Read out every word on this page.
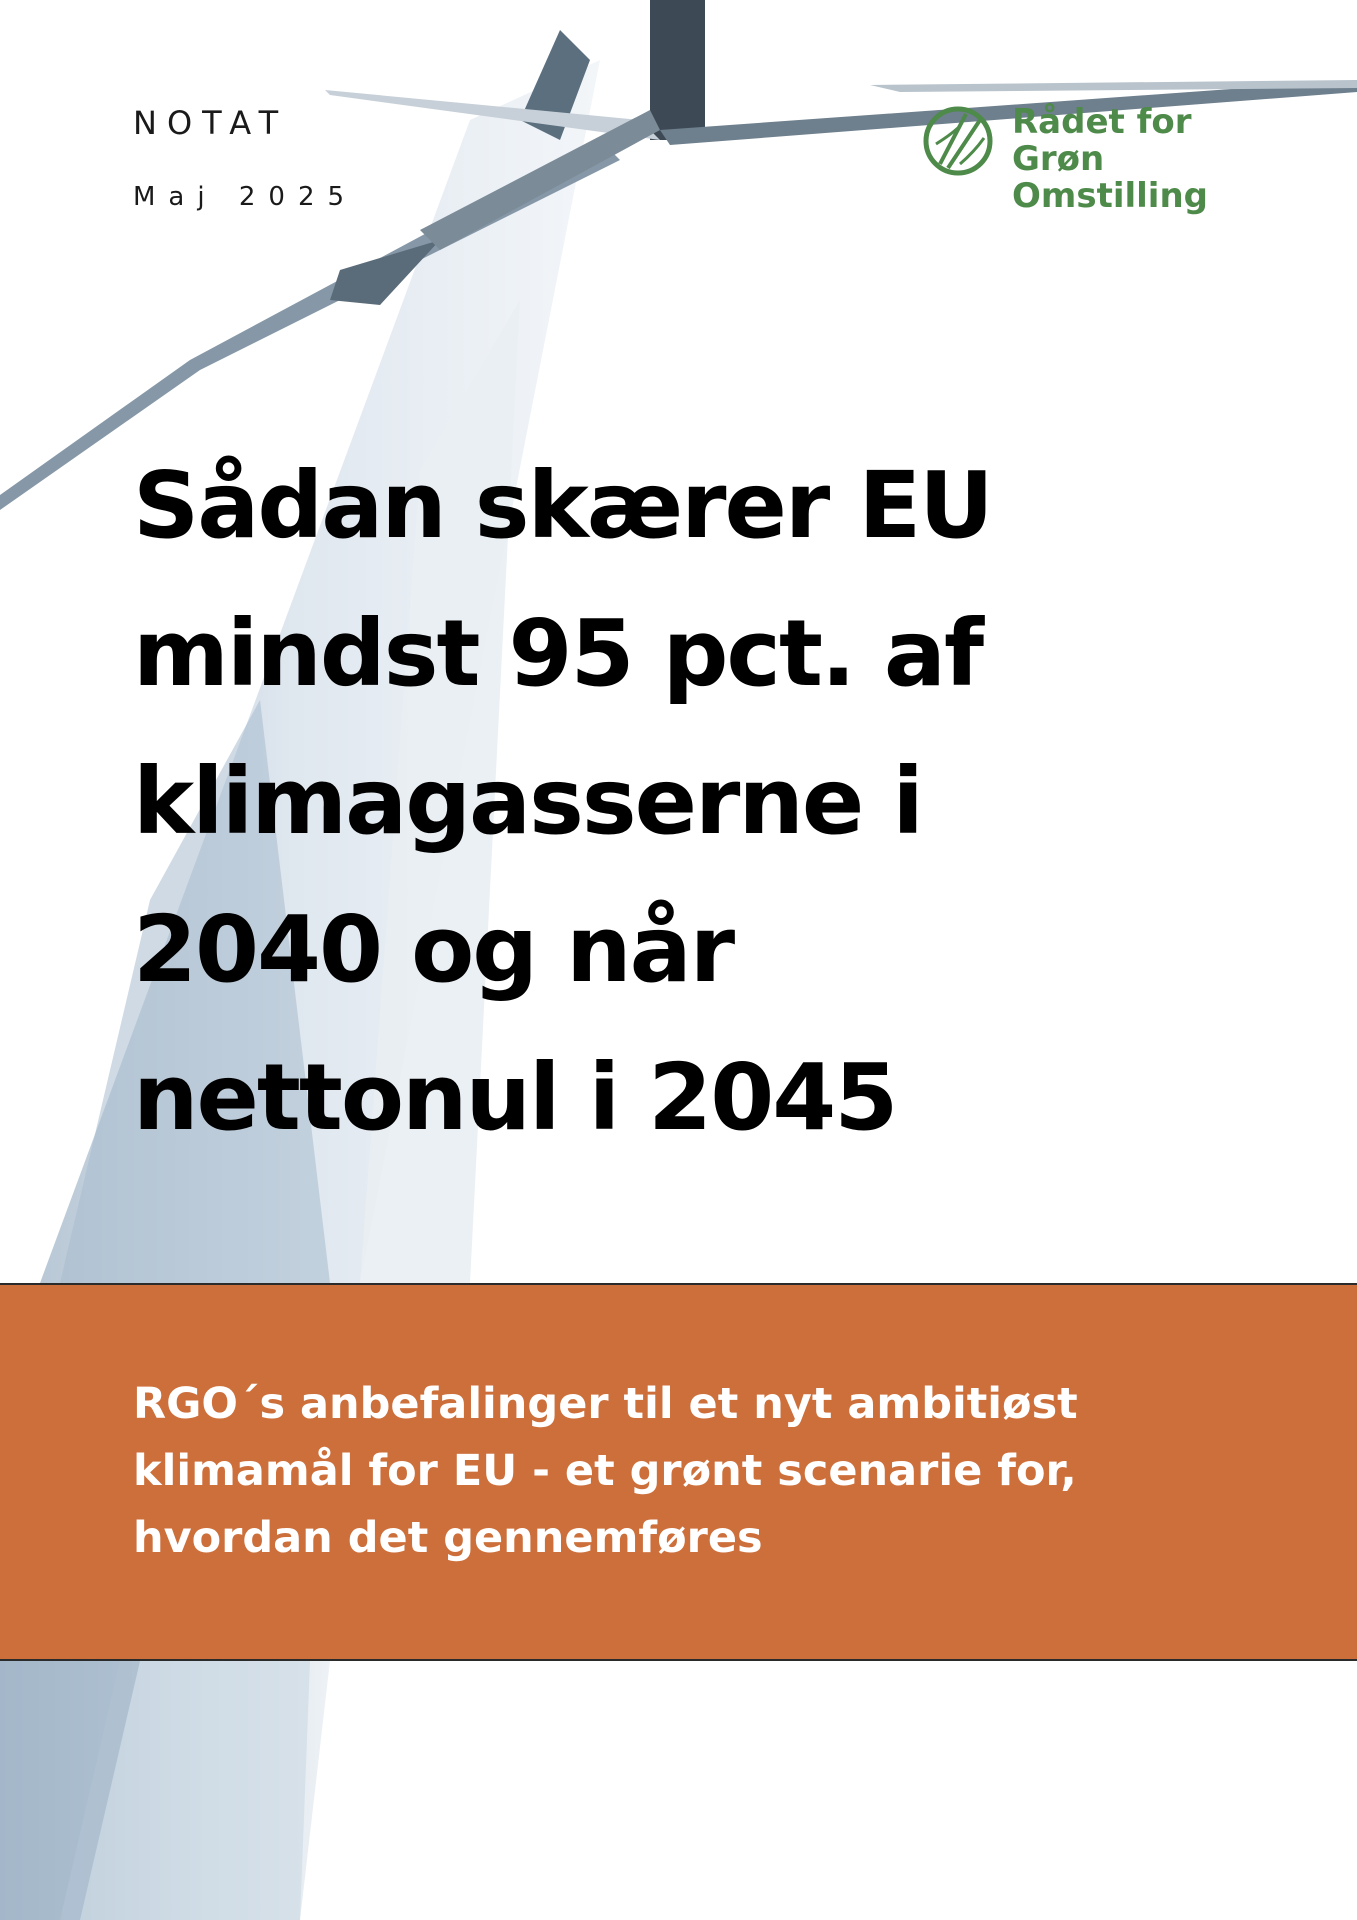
NOTAT
Maj 2025
Rådet for
Grøn
Omstilling
Sådan skærer EU
mindst 95 pct. af
klimagasserne i
2040 og når
nettonul i 2045
RGO´s anbefalinger til et nyt ambitiøst
klimamål for EU - et grønt scenarie for,
hvordan det gennemføres
